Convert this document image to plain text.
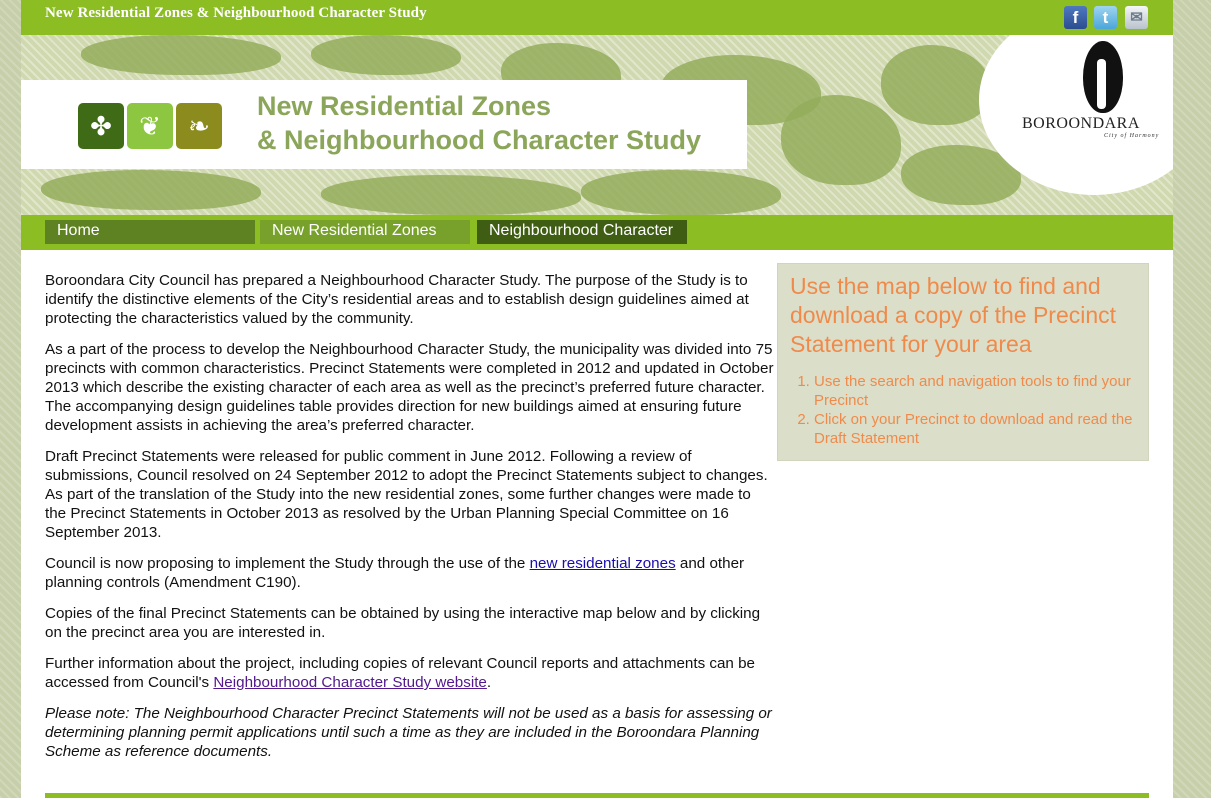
New Residential Zones & Neighbourhood Character Study	f	t	✉
✤	❦	❧
New Residential Zones
& Neighbourhood Character Study
BOROONDARA
City of Harmony
Home	New Residential Zones	Neighbourhood Character

Boroondara City Council has prepared a Neighbourhood Character Study. The purpose of the Study is to identify the distinctive elements of the City’s residential areas and to establish design guidelines aimed at protecting the characteristics valued by the community.

As a part of the process to develop the Neighbourhood Character Study, the municipality was divided into 75 precincts with common characteristics. Precinct Statements were completed in 2012 and updated in October 2013 which describe the existing character of each area as well as the precinct’s preferred future character. The accompanying design guidelines table provides direction for new buildings aimed at ensuring future development assists in achieving the area’s preferred character.

Draft Precinct Statements were released for public comment in June 2012. Following a review of submissions, Council resolved on 24 September 2012 to adopt the Precinct Statements subject to changes. As part of the translation of the Study into the new residential zones, some further changes were made to the Precinct Statements in October 2013 as resolved by the Urban Planning Special Committee on 16 September 2013.

Council is now proposing to implement the Study through the use of the new residential zones and other planning controls (Amendment C190).

Copies of the final Precinct Statements can be obtained by using the interactive map below and by clicking on the precinct area you are interested in.

Further information about the project, including copies of relevant Council reports and attachments can be accessed from Council's Neighbourhood Character Study website.

Please note: The Neighbourhood Character Precinct Statements will not be used as a basis for assessing or determining planning permit applications until such a time as they are included in the Boroondara Planning Scheme as reference documents.

Use the map below to find and download a copy of the Precinct Statement for your area
1. Use the search and navigation tools to find your Precinct
2. Click on your Precinct to download and read the Draft Statement
